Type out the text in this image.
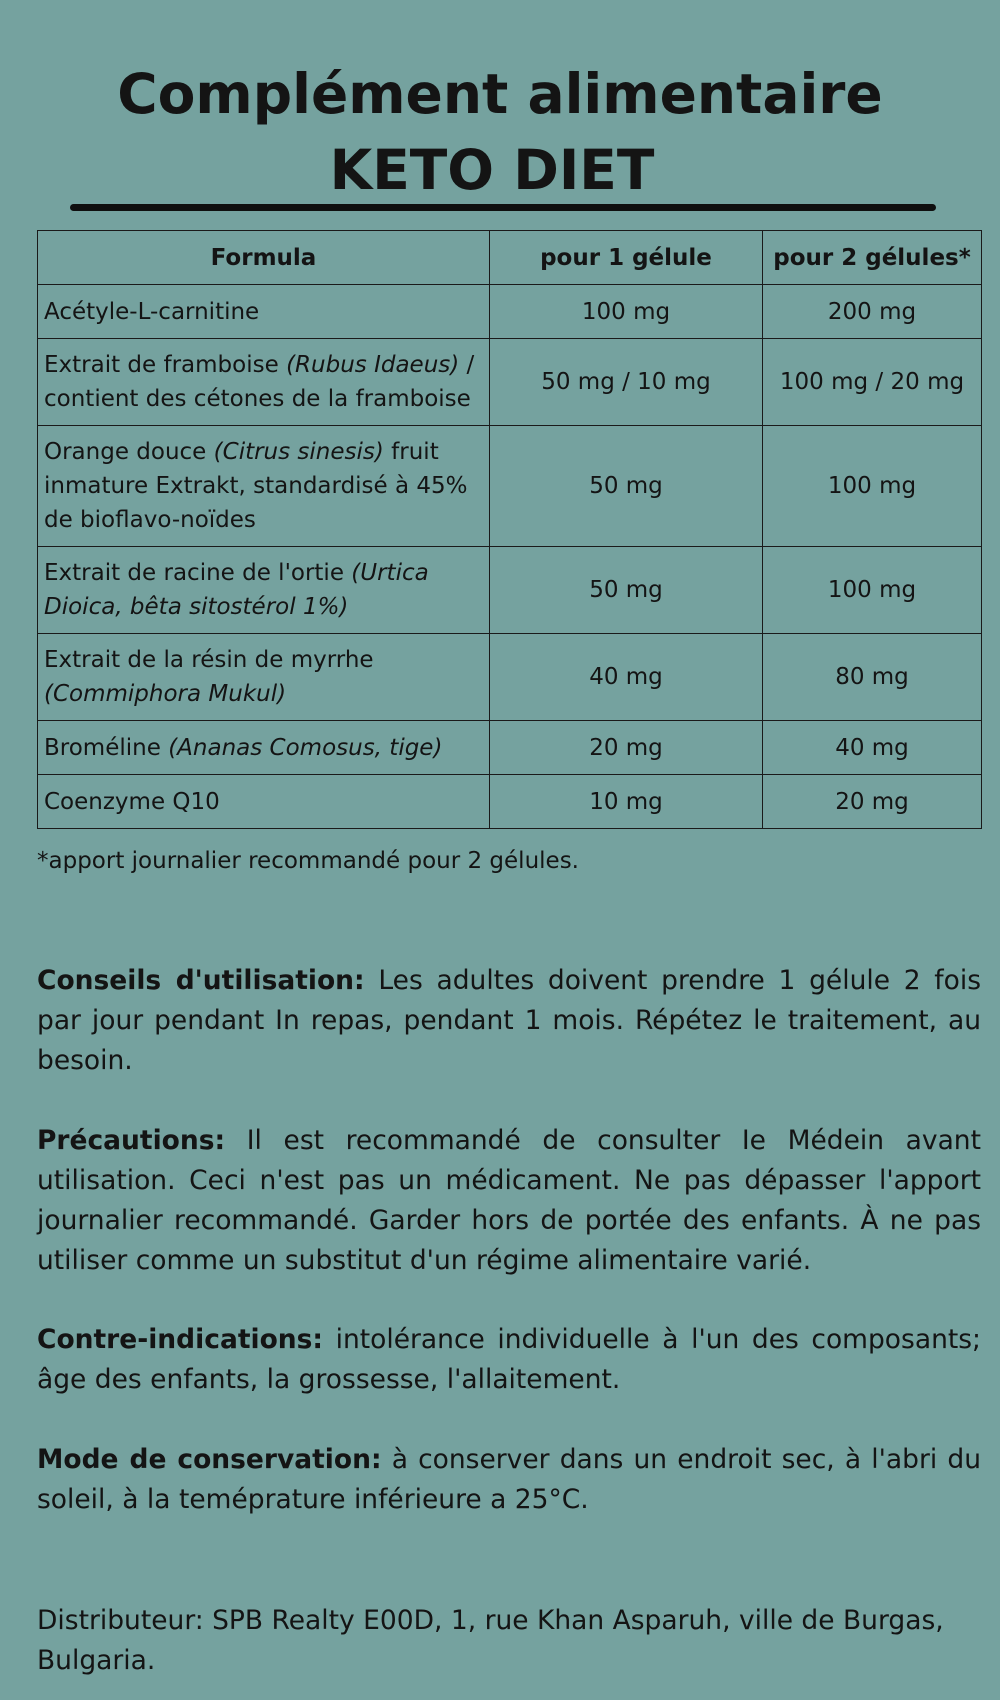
Complément alimentaire
KETO DIET
Formula	pour 1 gélule	pour 2 gélules*
Acétyle-L-carnitine	100 mg	200 mg
Extrait de framboise (Rubus Idaeus) / contient des cétones de la framboise	50 mg / 10 mg	100 mg / 20 mg
Orange douce (Citrus sinesis) fruit inmature Extrakt, standardisé à 45% de bioflavo-noïdes	50 mg	100 mg
Extrait de racine de l'ortie (Urtica Dioica, bêta sitostérol 1%)	50 mg	100 mg
Extrait de la résin de myrrhe (Commiphora Mukul)	40 mg	80 mg
Broméline (Ananas Comosus, tige)	20 mg	40 mg
Coenzyme Q10	10 mg	20 mg

*apport journalier recommandé pour 2 gélules.

Conseils d'utilisation: Les adultes doivent prendre 1 gélule 2 fois par jour pendant In repas, pendant 1 mois. Répétez le traitement, au besoin.

Précautions: Il est recommandé de consulter Ie Médein avant utilisation. Ceci n'est pas un médicament. Ne pas dépasser l'apport journalier recommandé. Garder hors de portée des enfants. À ne pas utiliser comme un substitut d'un régime alimentaire varié.

Contre-indications: intolérance individuelle à l'un des composants; âge des enfants, la grossesse, l'allaitement.

Mode de conservation: à conserver dans un endroit sec, à l'abri du soleil, à la teméprature inférieure a 25°C.

Distributeur: SPB Realty E00D, 1, rue Khan Asparuh, ville de Burgas, Bulgaria.
